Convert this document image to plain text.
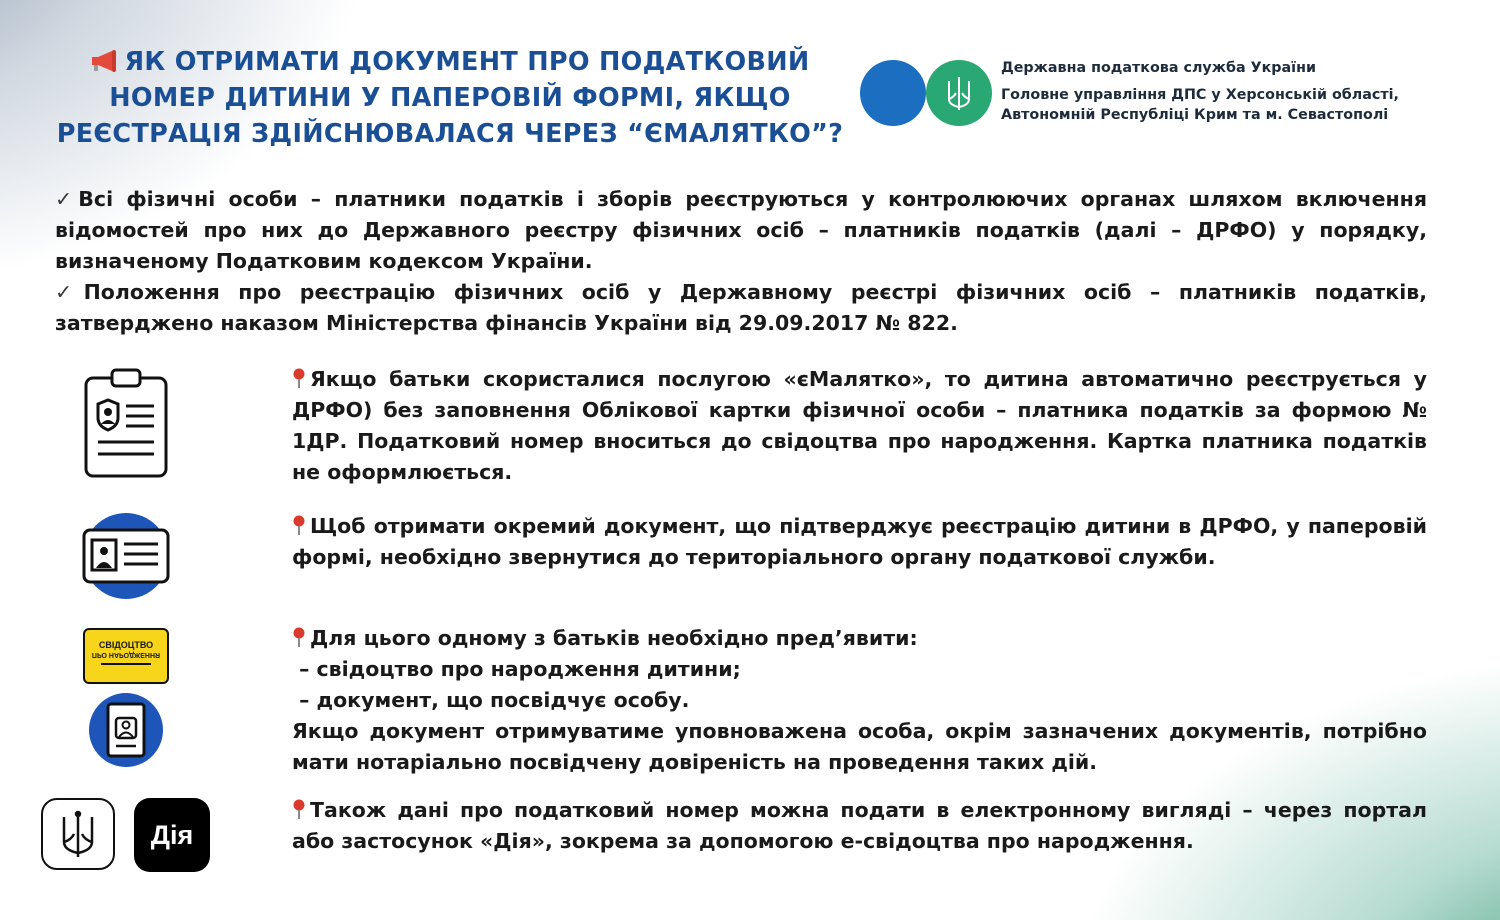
ЯК ОТРИМАТИ ДОКУМЕНТ ПРО ПОДАТКОВИЙ
НОМЕР ДИТИНИ У ПАПЕРОВІЙ ФОРМІ, ЯКЩО
РЕЄСТРАЦІЯ ЗДІЙСНЮВАЛАСЯ ЧЕРЕЗ “ЄМАЛЯТКО”?
Державна податкова служба України
Головне управління ДПС у Херсонській області,
Автономній Республіці Крим та м. Севастополі

✓Всі фізичні особи – платники податків і зборів реєструються у контролюючих органах шляхом включення відомостей про них до Державного реєстру фізичних осіб – платників податків (далі – ДРФО) у порядку, визначеному Податковим кодексом України.

✓Положення про реєстрацію фізичних осіб у Державному реєстрі фізичних осіб – платників податків, затверджено наказом Міністерства фінансів України від 29.09.2017 № 822.

Якщо батьки скористалися послугою «єМалятко», то дитина автоматично реєструється у ДРФО) без заповнення Облікової картки фізичної особи – платника податків за формою № 1ДР. Податковий номер вноситься до свідоцтва про народження. Картка платника податків не оформлюється.

Щоб отримати окремий документ, що підтверджує реєстрацію дитини в ДРФО, у паперовій формі, необхідно звернутися до територіального органу податкової служби.

СВІДОЦТВО
ПРО НАРОДЖЕННЯ

Для цього одному з батьків необхідно пред’явити:

– свідоцтво про народження дитини;

– документ, що посвідчує особу.

Якщо документ отримуватиме уповноважена особа, окрім зазначених документів, потрібно мати нотаріально посвідчену довіреність на проведення таких дій.

Дія

Також дані про податковий номер можна подати в електронному вигляді – через портал або застосунок «Дія», зокрема за допомогою е-свідоцтва про народження.
